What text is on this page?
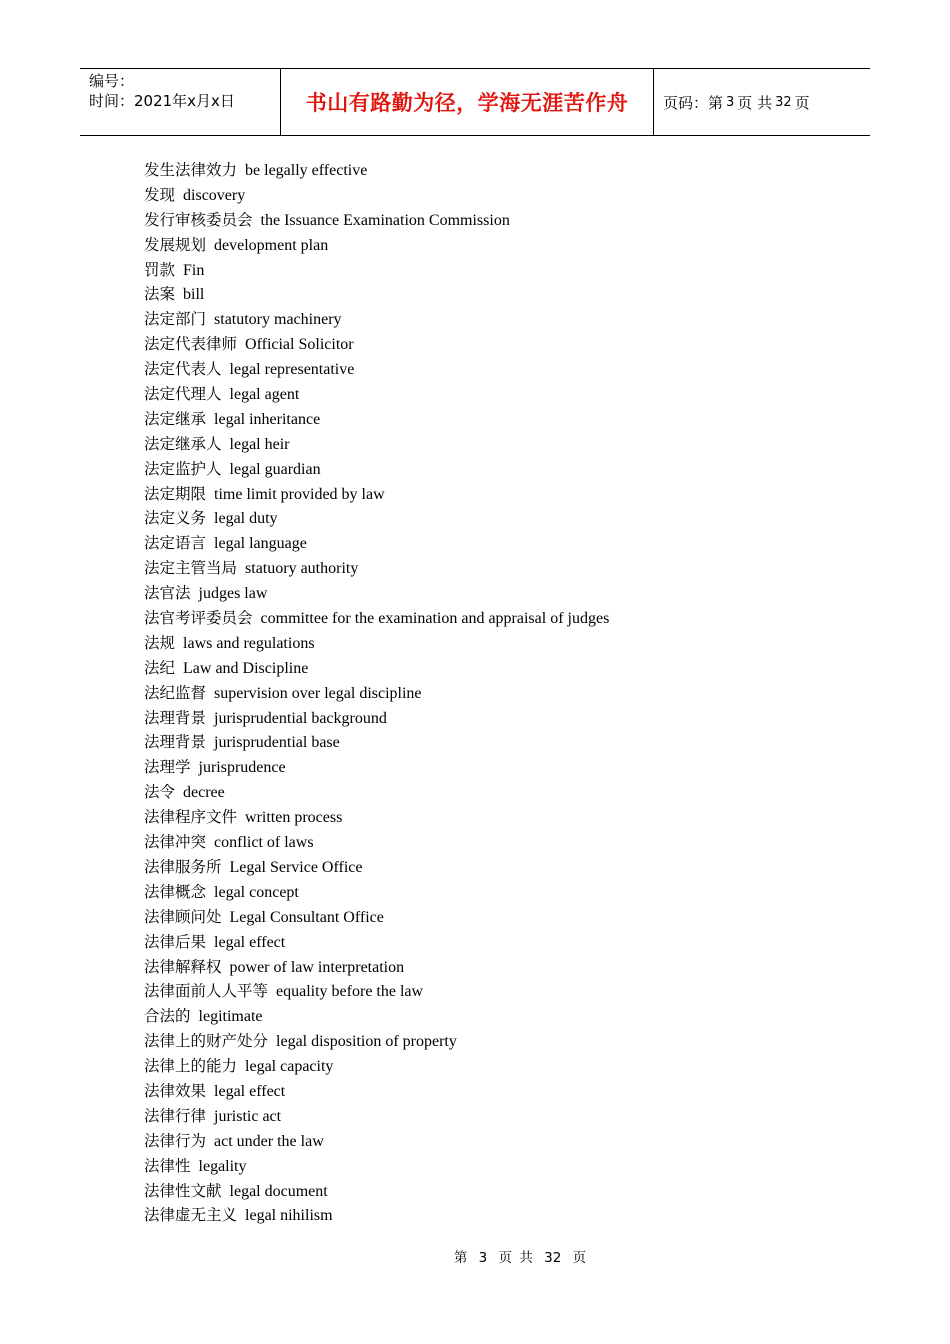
编号：
时间：2021年x月x日	书山有路勤为径，学海无涯苦作舟	页码：第 3 页 共 32 页
发生法律效力 be legally effective
发现 discovery
发行审核委员会 the Issuance Examination Commission
发展规划 development plan
罚款 Fin
法案 bill
法定部门 statutory machinery
法定代表律师 Official Solicitor
法定代表人 legal representative
法定代理人 legal agent
法定继承 legal inheritance
法定继承人 legal heir
法定监护人 legal guardian
法定期限 time limit provided by law
法定义务 legal duty
法定语言 legal language
法定主管当局 statuory authority
法官法 judges law
法官考评委员会 committee for the examination and appraisal of judges
法规 laws and regulations
法纪 Law and Discipline
法纪监督 supervision over legal discipline
法理背景 jurisprudential background
法理背景 jurisprudential base
法理学 jurisprudence
法令 decree
法律程序文件 written process
法律冲突 conflict of laws
法律服务所 Legal Service Office
法律概念 legal concept
法律顾问处 Legal Consultant Office
法律后果 legal effect
法律解释权 power of law interpretation
法律面前人人平等 equality before the law
合法的 legitimate
法律上的财产处分 legal disposition of property
法律上的能力 legal capacity
法律效果 legal effect
法律行律 juristic act
法律行为 act under the law
法律性 legality
法律性文献 legal document
法律虚无主义 legal nihilism
第 3 页 共 32 页
